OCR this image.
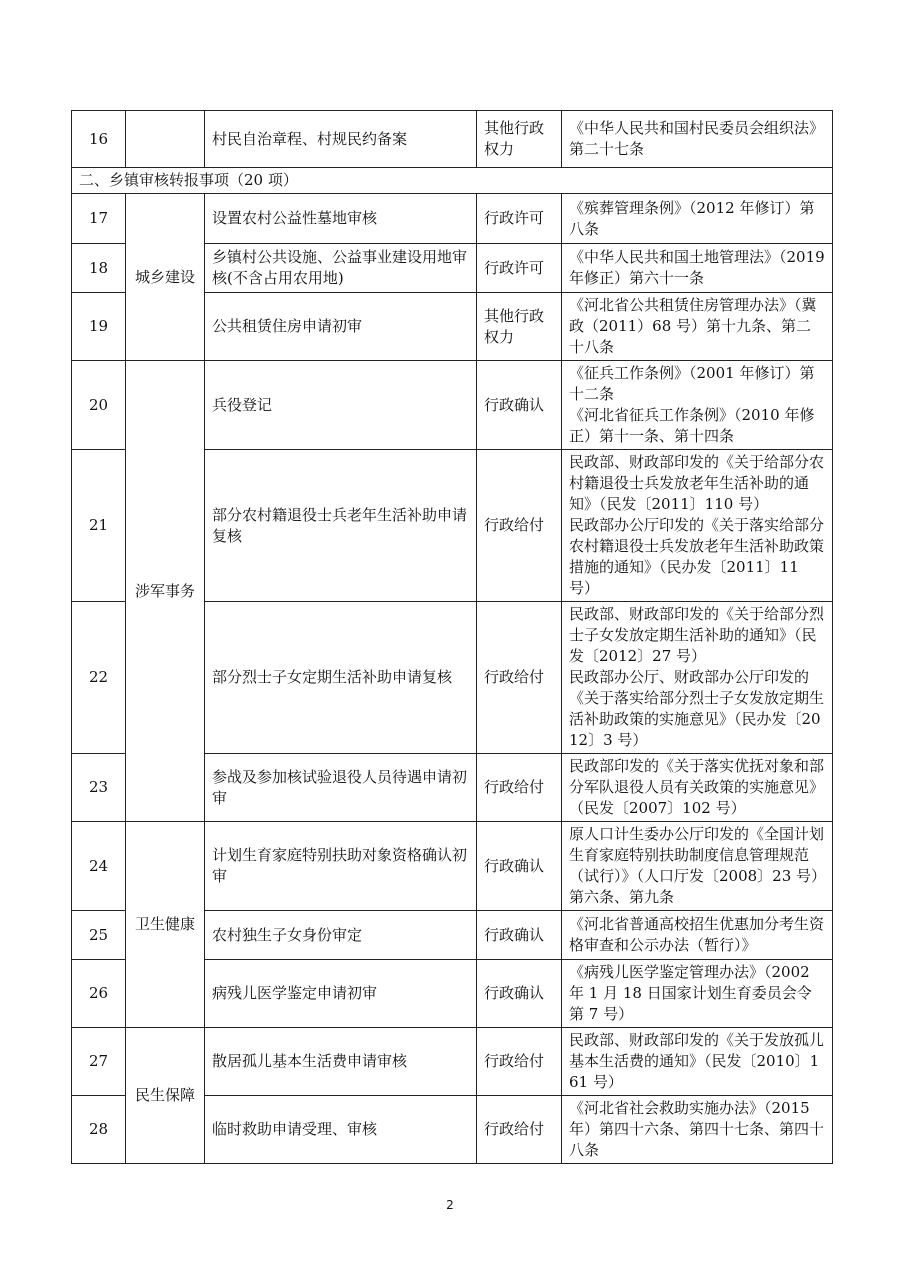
16		村民自治章程、村规民约备案	其他行政权力	《中华人民共和国村民委员会组织法》第二十七条

二、乡镇审核转报事项（20 项）				
17	城乡建设	设置农村公益性墓地审核	行政许可	《殡葬管理条例》（2012 年修订）第八条

18		乡镇村公共设施、公益事业建设用地审核(不含占用农用地)	行政许可	《中华人民共和国土地管理法》（2019 年修正）第六十一条

19		公共租赁住房申请初审	其他行政权力	《河北省公共租赁住房管理办法》（冀政（2011）68 号）第十九条、第二十八条

20	涉军事务	兵役登记	行政确认	《征兵工作条例》（2001 年修订）第十二条
《河北省征兵工作条例》（2010 年修正）第十一条、第十四条

21		部分农村籍退役士兵老年生活补助申请复核	行政给付	民政部、财政部印发的《关于给部分农村籍退役士兵发放老年生活补助的通知》（民发〔2011〕110 号）
民政部办公厅印发的《关于落实给部分农村籍退役士兵发放老年生活补助政策措施的通知》（民办发〔2011〕11 号）

22		部分烈士子女定期生活补助申请复核	行政给付	民政部、财政部印发的《关于给部分烈士子女发放定期生活补助的通知》（民发〔2012〕27 号）
民政部办公厅、财政部办公厅印发的《关于落实给部分烈士子女发放定期生活补助政策的实施意见》（民办发〔2012〕3 号）

23		参战及参加核试验退役人员待遇申请初审	行政给付	民政部印发的《关于落实优抚对象和部分军队退役人员有关政策的实施意见》（民发〔2007〕102 号）

24	卫生健康	计划生育家庭特别扶助对象资格确认初审	行政确认	原人口计生委办公厅印发的《全国计划生育家庭特别扶助制度信息管理规范（试行）》（人口厅发〔2008〕23 号）第六条、第九条

25		农村独生子女身份审定	行政确认	《河北省普通高校招生优惠加分考生资格审查和公示办法（暂行）》

26		病残儿医学鉴定申请初审	行政确认	《病残儿医学鉴定管理办法》（2002 年 1 月 18 日国家计划生育委员会令第 7 号）

27	民生保障	散居孤儿基本生活费申请审核	行政给付	民政部、财政部印发的《关于发放孤儿基本生活费的通知》（民发〔2010〕161 号）

28		临时救助申请受理、审核	行政给付	《河北省社会救助实施办法》（2015 年）第四十六条、第四十七条、第四十八条
2
